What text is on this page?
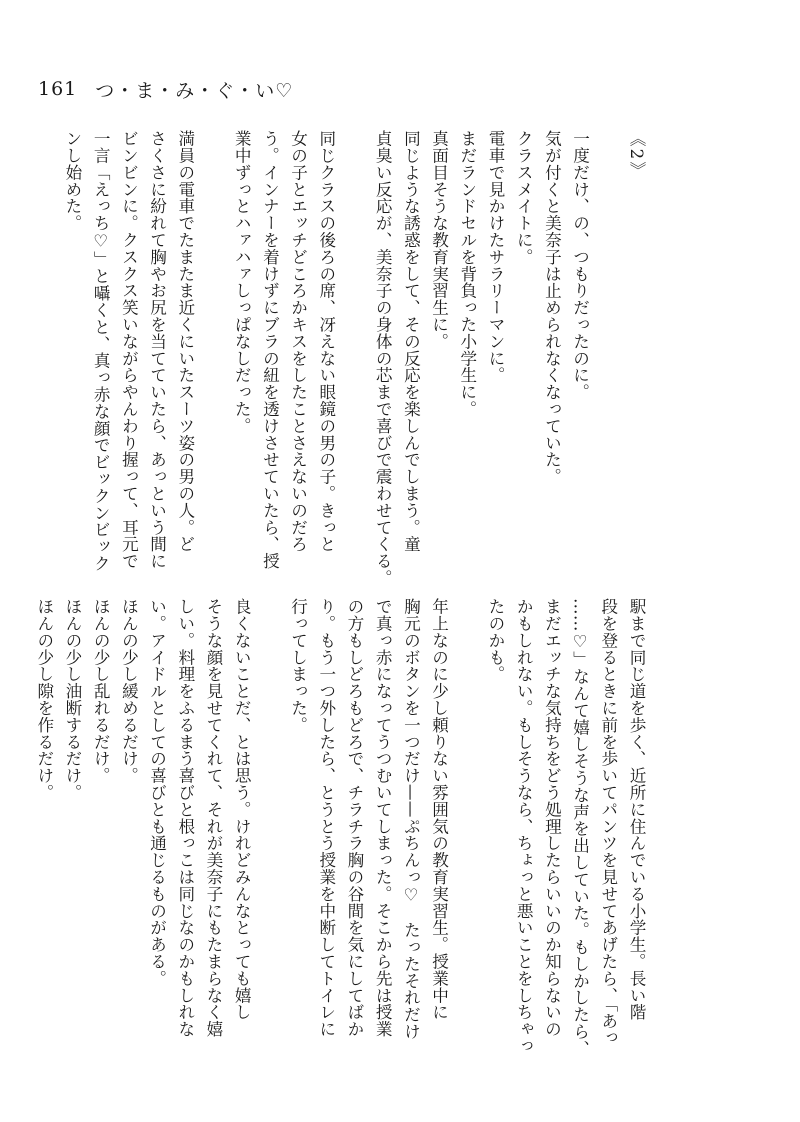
161 つ・ま・み・ぐ・い♡
《2》
一度だけ、の、つもりだったのに。
気が付くと美奈子は止められなくなっていた。
クラスメイトに。
電車で見かけたサラリーマンに。
まだランドセルを背負った小学生に。
真面目そうな教育実習生に。
同じような誘惑をして、その反応を楽しんでしまう。童
貞臭い反応が、美奈子の身体の芯まで喜びで震わせてくる。
同じクラスの後ろの席、冴えない眼鏡の男の子。きっと
女の子とエッチどころかキスをしたことさえないのだろ
う。インナーを着けずにブラの紐を透けさせていたら、授
業中ずっとハァハァしっぱなしだった。
満員の電車でたまたま近くにいたスーツ姿の男の人。ど
さくさに紛れて胸やお尻を当てていたら、あっという間に
ビンビンに。クスクス笑いながらやんわり握って、耳元で
一言「えっち♡」と囁くと、真っ赤な顔でビックンビック
ンし始めた。
駅まで同じ道を歩く、近所に住んでいる小学生。長い階
段を登るときに前を歩いてパンツを見せてあげたら、「あっ
……♡」なんて嬉しそうな声を出していた。もしかしたら、
まだエッチな気持ちをどう処理したらいいのか知らないの
かもしれない。もしそうなら、ちょっと悪いことをしちゃっ
たのかも。
年上なのに少し頼りない雰囲気の教育実習生。授業中に
胸元のボタンを一つだけ——ぷちんっ♡　たったそれだけ
で真っ赤になってうつむいてしまった。そこから先は授業
の方もしどろもどろで、チラチラ胸の谷間を気にしてばか
り。もう一つ外したら、とうとう授業を中断してトイレに
行ってしまった。
良くないことだ、とは思う。けれどみんなとっても嬉し
そうな顔を見せてくれて、それが美奈子にもたまらなく嬉
しい。料理をふるまう喜びと根っこは同じなのかもしれな
い。アイドルとしての喜びとも通じるものがある。
ほんの少し緩めるだけ。
ほんの少し乱れるだけ。
ほんの少し油断するだけ。
ほんの少し隙を作るだけ。
